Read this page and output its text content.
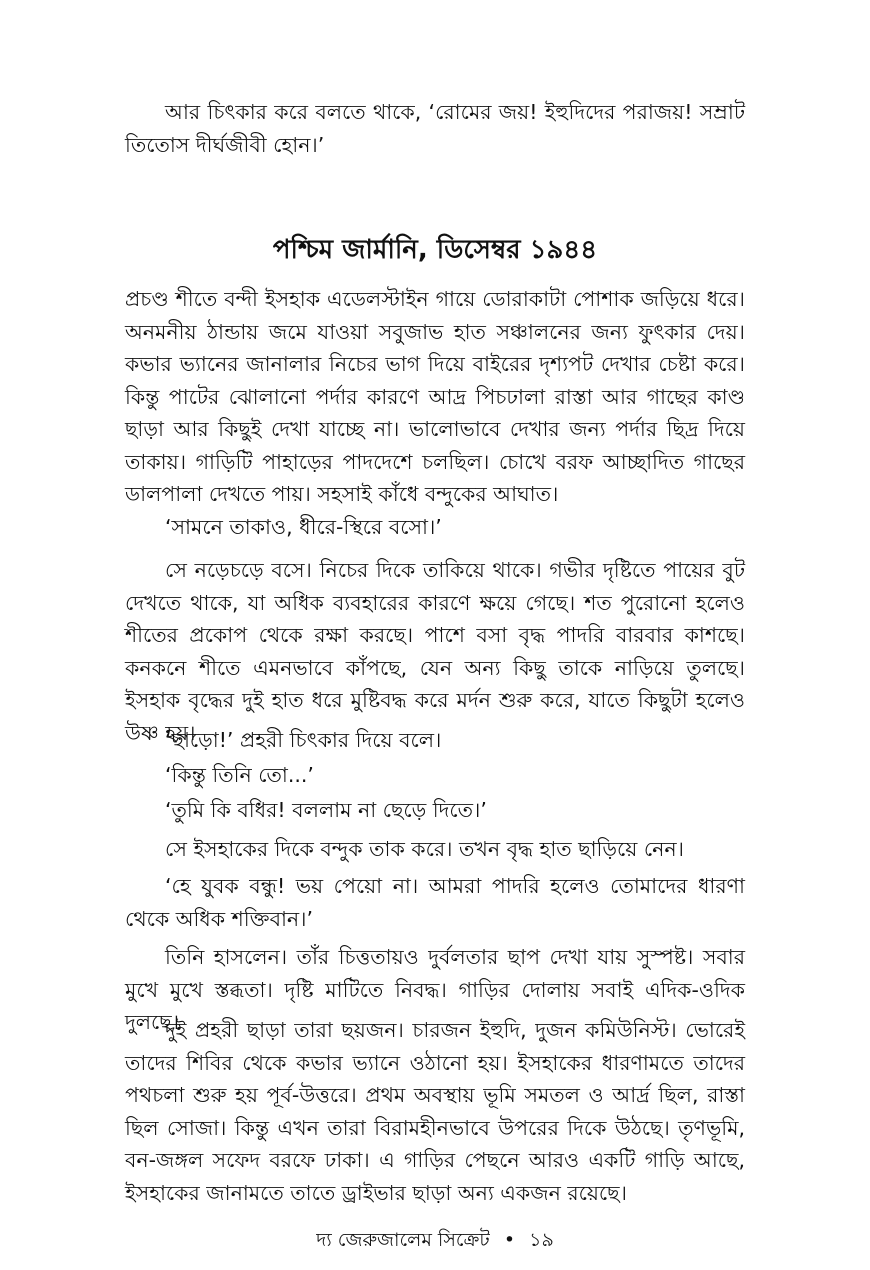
আর চিৎকার করে বলতে থাকে, ‘রোমের জয়! ইহুদিদের পরাজয়! সম্রাট তিতোস দীর্ঘজীবী হোন।’

পশ্চিম জার্মানি, ডিসেম্বর ১৯৪৪

প্রচণ্ড শীতে বন্দী ইসহাক এডেলস্টাইন গায়ে ডোরাকাটা পোশাক জড়িয়ে ধরে। অনমনীয় ঠান্ডায় জমে যাওয়া সবুজাভ হাত সঞ্চালনের জন্য ফুৎকার দেয়। কভার ভ্যানের জানালার নিচের ভাগ দিয়ে বাইরের দৃশ্যপট দেখার চেষ্টা করে। কিন্তু পাটের ঝোলানো পর্দার কারণে আদ্র পিচঢালা রাস্তা আর গাছের কাণ্ড ছাড়া আর কিছুই দেখা যাচ্ছে না। ভালোভাবে দেখার জন্য পর্দার ছিদ্র দিয়ে তাকায়। গাড়িটি পাহাড়ের পাদদেশে চলছিল। চোখে বরফ আচ্ছাদিত গাছের ডালপালা দেখতে পায়। সহসাই কাঁধে বন্দুকের আঘাত।

‘সামনে তাকাও, ধীরে-স্থিরে বসো।’

সে নড়েচড়ে বসে। নিচের দিকে তাকিয়ে থাকে। গভীর দৃষ্টিতে পায়ের বুট দেখতে থাকে, যা অধিক ব্যবহারের কারণে ক্ষয়ে গেছে। শত পুরোনো হলেও শীতের প্রকোপ থেকে রক্ষা করছে। পাশে বসা বৃদ্ধ পাদরি বারবার কাশছে। কনকনে শীতে এমনভাবে কাঁপছে, যেন অন্য কিছু তাকে নাড়িয়ে তুলছে। ইসহাক বৃদ্ধের দুই হাত ধরে মুষ্টিবদ্ধ করে মর্দন শুরু করে, যাতে কিছুটা হলেও উষ্ণ হয়।

‘ছাড়ো!’ প্রহরী চিৎকার দিয়ে বলে।

‘কিন্তু তিনি তো...’

‘তুমি কি বধির! বললাম না ছেড়ে দিতে।’

সে ইসহাকের দিকে বন্দুক তাক করে। তখন বৃদ্ধ হাত ছাড়িয়ে নেন।

‘হে যুবক বন্ধু! ভয় পেয়ো না। আমরা পাদরি হলেও তোমাদের ধারণা থেকে অধিক শক্তিবান।’

তিনি হাসলেন। তাঁর চিত্ততায়ও দুর্বলতার ছাপ দেখা যায় সুস্পষ্ট। সবার মুখে মুখে স্তব্ধতা। দৃষ্টি মাটিতে নিবদ্ধ। গাড়ির দোলায় সবাই এদিক-ওদিক দুলছে।

দুই প্রহরী ছাড়া তারা ছয়জন। চারজন ইহুদি, দুজন কমিউনিস্ট। ভোরেই তাদের শিবির থেকে কভার ভ্যানে ওঠানো হয়। ইসহাকের ধারণামতে তাদের পথচলা শুরু হয় পূর্ব-উত্তরে। প্রথম অবস্থায় ভূমি সমতল ও আর্দ্র ছিল, রাস্তা ছিল সোজা। কিন্তু এখন তারা বিরামহীনভাবে উপরের দিকে উঠছে। তৃণভূমি, বন-জঙ্গল সফেদ বরফে ঢাকা। এ গাড়ির পেছনে আরও একটি গাড়ি আছে, ইসহাকের জানামতে তাতে ড্রাইভার ছাড়া অন্য একজন রয়েছে।

দ্য জেরুজালেম সিক্রেট • ১৯
